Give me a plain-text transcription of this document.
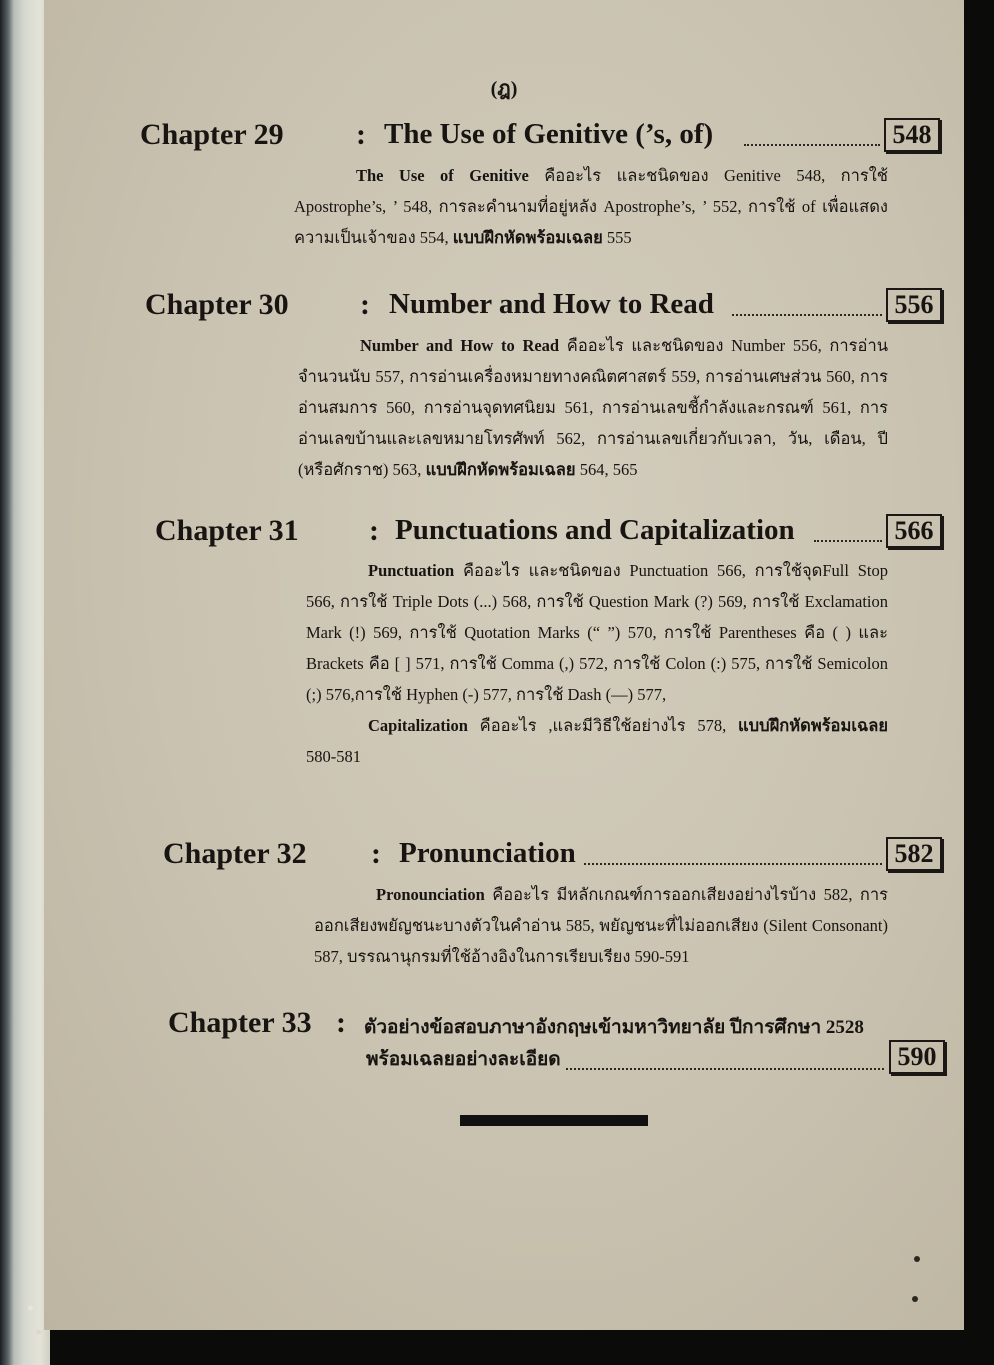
(ฎ)
Chapter 29 : The Use of Genitive (’s, of)	548

The Use of Genitive คืออะไร และชนิดของ Genitive 548, การใช้ Apostrophe’s, ’ 548, การละคำนามที่อยู่หลัง Apostrophe’s, ’ 552, การใช้ of เพื่อแสดงความเป็นเจ้าของ 554, แบบฝึกหัดพร้อมเฉลย 555

Chapter 30 : Number and How to Read	556

Number and How to Read คืออะไร และชนิดของ Number 556, การอ่านจำนวนนับ 557, การอ่านเครื่องหมายทางคณิตศาสตร์ 559, การอ่านเศษส่วน 560, การอ่านสมการ 560, การอ่านจุดทศนิยม 561, การอ่านเลขชี้กำลังและกรณฑ์ 561, การอ่านเลขบ้านและเลขหมายโทรศัพท์ 562, การอ่านเลขเกี่ยวกับเวลา, วัน, เดือน, ปี (หรือศักราช) 563, แบบฝึกหัดพร้อมเฉลย 564, 565

Chapter 31 : Punctuations and Capitalization	566

Punctuation คืออะไร และชนิดของ Punctuation 566, การใช้จุดFull Stop 566, การใช้ Triple Dots (...) 568, การใช้ Question Mark (?) 569, การใช้ Exclamation Mark (!) 569, การใช้ Quotation Marks (“ ”) 570, การใช้ Parentheses คือ ( ) และ Brackets คือ [ ] 571, การใช้ Comma (,) 572, การใช้ Colon (:) 575, การใช้ Semicolon (;) 576,การใช้ Hyphen (-) 577, การใช้ Dash (—) 577,

Capitalization คืออะไร ,และมีวิธีใช้อย่างไร 578, แบบฝึกหัดพร้อมเฉลย 580-581

Chapter 32 : Pronunciation	582

Pronounciation คืออะไร มีหลักเกณฑ์การออกเสียงอย่างไรบ้าง 582, การออกเสียงพยัญชนะบางตัวในคำอ่าน 585, พยัญชนะที่ไม่ออกเสียง (Silent Consonant) 587, บรรณานุกรมที่ใช้อ้างอิงในการเรียบเรียง 590-591

Chapter 33 : ตัวอย่างข้อสอบภาษาอังกฤษเข้ามหาวิทยาลัย ปีการศึกษา 2528
พร้อมเฉลยอย่างละเอียด	590
